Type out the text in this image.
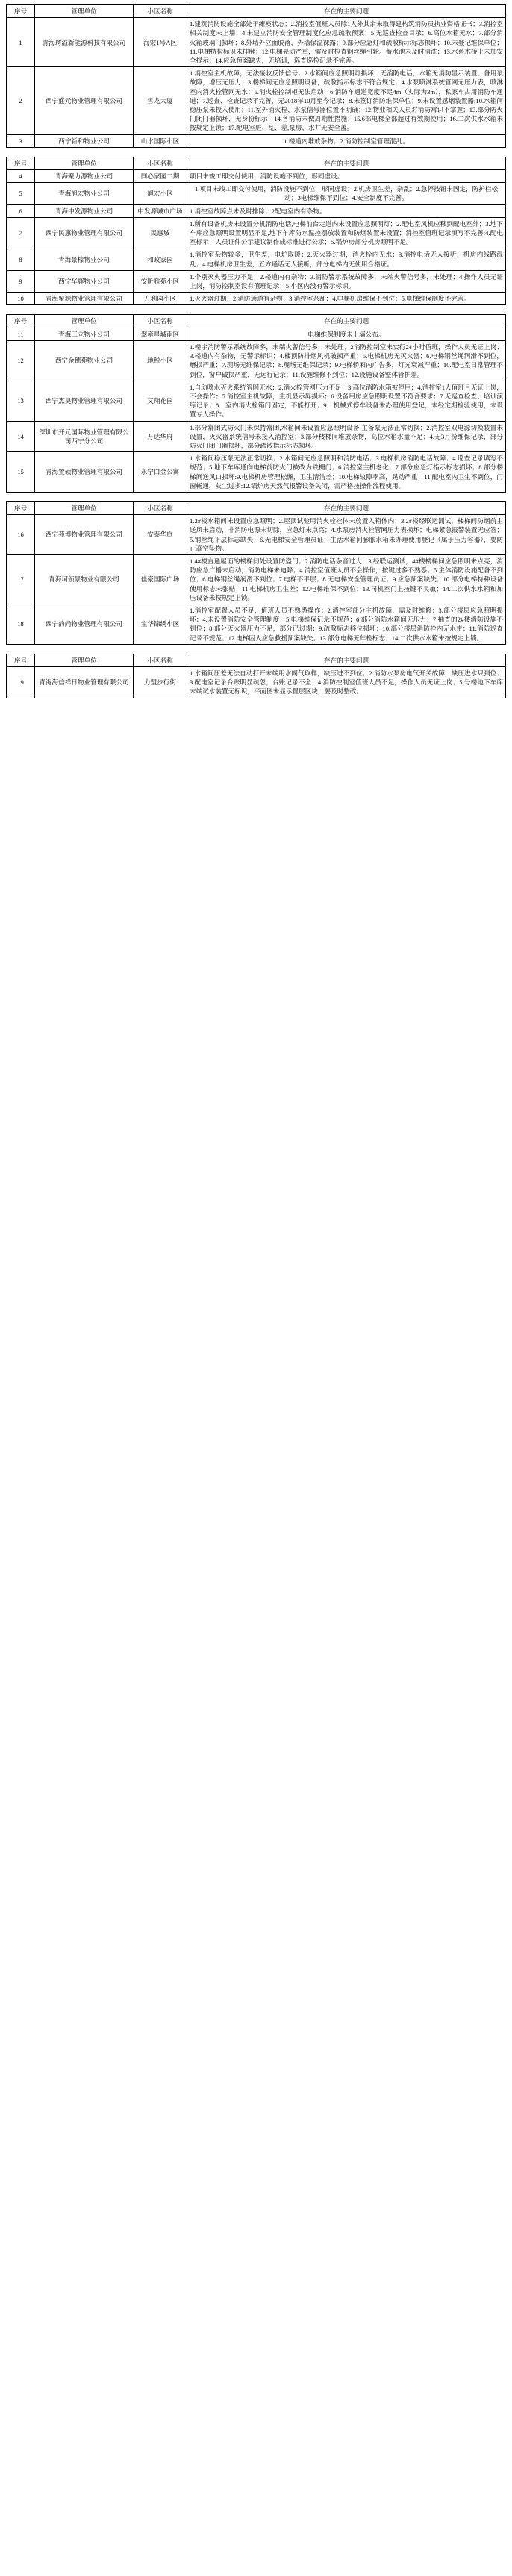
序号	管理单位	小区名称	存在的主要问题
1	青海㻬溢新能源科技有限公司	海宏1号A区	1.建筑消防设施全部处于瘫痪状态；2.消控室值班人员除1人外其余未取得建构筑消防员执业资格证书；3.消控室相关制度未上墙；4.未建立消防安全管理制度化应急疏散预案；5.无巡查检查目录；6.高位水箱无水；7.部分消火箱玻璃门损坏；8.外墙外立面脱落，外墙保温裸露；9.部分应急灯和疏散标示标志损坏；10.未登记维保单位；11.电梯特检标识未挂牌；12.电梯晃动严重，需及时检查钢丝绳引轮。蓄水池未及时清洗；13.水系木桥上未加安全提示；14.应急预案缺失，无培训，巡查巡检记录不完善。
2	西宁盛元物业管理有限公司	雪龙大厦	1.消控室主机故障，无法接收反馈信号；2.水箱间应急照明灯损坏，无消防电话，水箱无消防显示装置，备用泵故障，增压无压力；3.楼梯间无应急照明设备，疏散指示标志不符合规定；4.水泵喷淋系统管网无压力表，喷淋室内消火栓管网无水；5.消火栓控制柜无法启动；6.消防车通道宽度不足4m（实际为3m），私家车占用消防车通道；7.巡查、检查记录不完善，无2018年10月至今记录；8.未签订消防维保单位；9.未设置感烟装置器;10.水箱间稳压泵未投入使用；11.室外消火栓、水泵信号器位置不明确；12.物业相关人员对消防常识不掌握；13.部分防火门闭门器损坏，无身份标示；14.各消防未做周期性措施；15.6部电梯全部超过有效期使用；16.二次供水水箱未按规定上锁；17.配电室脏、乱、差,泵房、水井无安全盖。
3	西宁新和物业公司	山水国际小区	1.楼道内堆放杂物；2.消防控制室管理混乱。
序号	管理单位	小区名称	存在的主要问题
4	青海聚力源物业公司	同心家园二期	项目未竣工即交付使用，消防设施不到位，形同虚设。
5	青海旭宏物业公司	旭宏小区	1.项目未竣工即交付使用，消防设施不到位，形同虚设；2.机房卫生差，杂乱；2.急停按钮未固定，防护栏松动；3电梯维保不到位；4.安全制度不完善。
6	青海中发源物业公司	中发源城市广场	1.消控室故障点未及时排除；2配电室内有杂物。
7	西宁民惠物业管理有限公司	民惠城	1.所有设备机房未设置分机消防电话,电梯前台走道内未设置应急照明灯；2.配电室风机应移到配电室外；3.地下车库应急照明设置明显不足,地下车库防水温控摆放装置和防烟装置未设置；消控室值班记录填写不完善:4.配电室标示、人员证件公示建议制作成标准进行公示；5.锅炉房部分机房照明不足。
8	青海景榛物业公司	和政家园	1.消控室杂物较多，卫生差，电炉取暖；2.灭火器过期，消火栓内无水；3.消控电话无人接听，机房内线路混乱；4.电梯机房卫生差，五方通话无人接听，部分电梯内无使用合格证。
9	西宁华辉物业公司	安昕雅苑小区	1.个别灭火器压力不足；2.楼道内有杂物；3.消防警示系统故障多，末端火警信号多，未处理；4.操作人员无证上岗，消防控制室没有值班记录；5.小区内没有警示标识。
10	青海聚源物业管理有限公司	万利园小区	1.灭火器过期；2.消防通道有杂物；3.消控室杂乱；4.电梯机房维保不到位；5.电梯维保制度不完善。
序号	管理单位	小区名称	存在的主要问题
11	青海三立物业公司	翠雍星城南区	电梯维保制度未上墙公布。
12	西宁金穗苑物业公司	地税小区	1.楼宇消防警示系统故障多，末端火警信号多，未处理；2消防控制室未实行24小时值班，操作人员无证上岗；3.楼道内有杂物，无警示标识；4.楼顶防排烟风机破损严重；5.电梯机房无灭火器；6.电梯钢丝绳润滑不到位，磨损严重；7.现场无维保记录；8.现场无维保记录；9.电梯轿厢内广告多，灯光衰减严重；10.配电室日常管理不到位，窗户破损严重，无运行记录；11.设施维修不到位；12.设施设备整体管护差。
13	西宁杰昊物业管理有限公司	文翔花园	1.自动喷水灭火系统管网无水；2.消火栓管网压力不足；3.高位消防水箱被停用；4.消控室1人值班且无证上岗，不会操作；5.消控室主机故障，主机显示屏损坏；6.设备用房应急照明设置不符合要求；7.无巡查检查、培训演练记录；8．室内消火栓箱门固定，不能打开；9．机械式停车设备未办理使用登记，未经定期检验使用，未设置专人操作。
14	深圳市开元国际物业管理有限公司西宁分公司	万达华府	1.部分常闭式防火门未保持常闭,水箱间未设置应急照明设备,主备泵无法正常切换；2.消控室双电源切换装置未设置，灭火器系统信号未接入消控室；3.部分楼梯间堆放杂物，高位水箱水量不足；4.无3月份维保记录，部分防火门闭门器损坏，部分疏散指示标志损坏。
15	青海置硕物业管理有限公司	永宁白金公寓	1.水箱间稳压泵无法正常切换；2.水箱间无应急照明和消防电话；3.电梯机房消防电话故障；4.巡查记录填写不规范；5.地下车库通向电梯前防火门被改为铁栅门；6.消控室主机老化；7.部分应急灯指示标志损坏；8.部分楼梯间送风口损坏:9.电梯机房管理松懈，卫生清洁差；10.电梯故障率高，晃动严重；11.配电室内卫生不到位，门窗畅通，灰尘过多:12.锅炉房天然气报警设备关闭，需严格按操作流程使用。
序号	管理单位	小区名称	存在的主要问题
16	西宁苑博物业管理有限公司	安泰华庭	1.2#楼水箱间未设置应急照明；2.屋顶试验用消火栓栓体未放置入箱体内；3.2#楼经联运测试，楼梯间防烟前主送风未启动，非消防电源未切除，应急灯未点亮；4.水泵房消火栓管网压力表损坏；电梯紧急报警装置无应答；5.钢丝绳平层标志缺失；6.无电梯安全管理员证；生活水箱间膨胀水箱未办理使用登记（属于压力容器），要防止高空坠物。
17	青海坷领景物业有限公司	佳豪国际广场	1.4#楼直通屋面的楼梯间处设置防盗门；2.消防电话杂音过大；3.经联运测试，4#楼楼梯间应急照明未点亮，消防应急广播未启动，消防电梯未迫降；4.消控室值班人员不会操作，按键过多不熟悉；5.主体消防设施配备不到位；6.电梯钢丝绳润滑不到位；7.电梯不平层；8.无电梯安全管理员证；9.应急预案缺失；10.部分电梯特种设备使用标志未张贴；11.电梯机房卫生差；12.电梯维保不到位；13.司机室门上按键不灵敏；14.二次供水水箱和加压设备未按规定上锁。
18	西宁韵尚物业管理有限公司	宝华锦绣小区	1.消控室配置人员不足，值班人员不熟悉操作；2.消控室部分主机故障，需及时维修；3.部分楼层应急照明损坏；4.未设置消防安全管理制度；5.电梯维保记录不规范；6.部分消防水箱间无压力；7.抽查的2#楼消防设施不到位；8.部分灭火器压力不足，部分已过期；9.疏散标志移位损坏；10.部分楼层消防栓内无水带；11.消防巡查记录不规范；12.电梯困人应急救援预案缺失；13.部分电梯无年检标志；14.二次供水水箱未按规定上锁。
序号	管理单位	小区名称	存在的主要问题
19	青海海信祥日物业管理有限公司	力盟步行街	1.水箱间压差无法自动打开末端用水阀气取样，缺压进不到位；2.消防水泵房电气开关故障，缺压进水只到位；3.配电室记录台账明显疏忽，台账记录不全；4.消防控制室值班人员不足，操作人员无证上岗；5.号楼地下车库末端试水装置无标识，平面图未显示置层区块，要及时整改。
